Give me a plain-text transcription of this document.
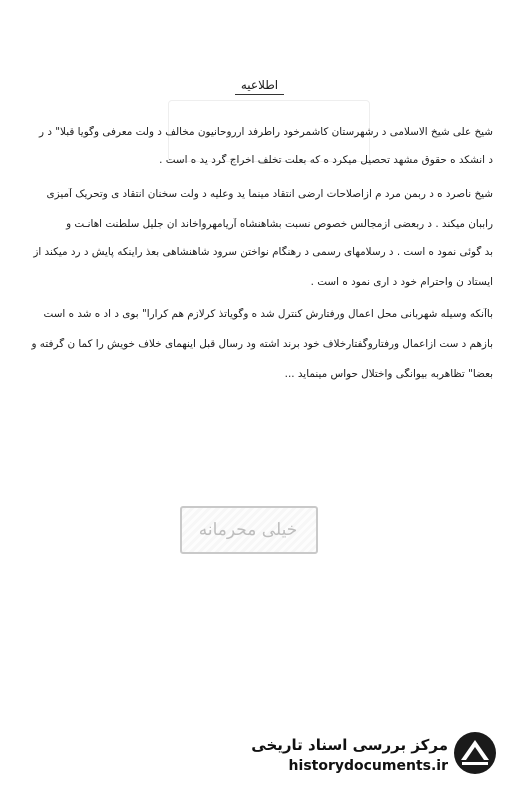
اطلاعیه
شیخ علی شیخ الاسلامی د رشهرستان کاشمرخود راطرفد ارروحانیون مخالف د ولت معرفی وگویا قبلا" د ر
د انشکد ه حقوق مشهد تحصیل میکرد ه که بعلت تخلف اخراج گرد ید ه است .
شیخ ناصرد ه د ربمن مرد م ازاصلاحات ارضی انتقاد مینما ید وعلیه د ولت سخنان انتقاد ی وتحریک آمیزی
راببان میکند . د ربعضی ازمجالس خصوص نسبت بشاهنشاه آریامهرواخاند ان جلیل سلطنت اهانـت و
بد گوئی نمود ه است . د رسلامهای رسمی د رهنگام نواختن سرود شاهنشاهی بعذ راینکه پایش د رد میکند از
ایستاد ن واحترام خود د اری نمود ه است .
باآنکه وسیله شهربانی محل اعمال ورفتارش کنترل شد ه وگویاتذ کرلازم هم کرارا" بوی د اد ه شد ه است
بازهم د ست ازاعمال ورفتاروگفتارخلاف خود برند اشته ود رسال قبل اینهمای خلاف خویش را کما ن گرفته و
بعضا" تظاهربه بیوانگی واختلال حواس مینماید ...
خیلی محرمانه
مرکز بررسی اسناد تاریخی
historydocuments.ir
